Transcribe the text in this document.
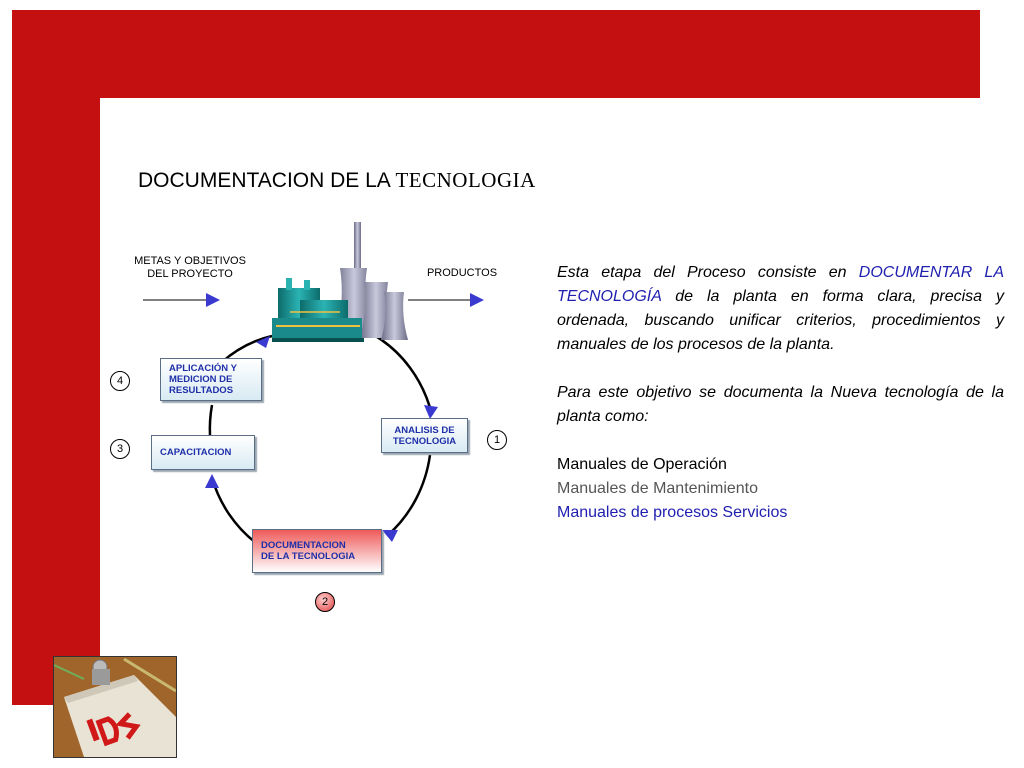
DOCUMENTACION DE LA TECNOLOGIA
METAS Y OBJETIVOS
DEL PROYECTO	PRODUCTOS
APLICACIÓN Y
MEDICION DE
RESULTADOS
CAPACITACION
ANALISIS DE
TECNOLOGIA
DOCUMENTACION
DE LA TECNOLOGIA
4
3
1
2
Esta etapa del Proceso consiste en DOCUMENTAR LA TECNOLOGÍA de la planta en forma clara, precisa y ordenada, buscando unificar criterios, procedimientos y manuales de los procesos de la planta.
Para este objetivo se documenta la Nueva tecnología de la planta como:
Manuales de Operación
Manuales de Mantenimiento
Manuales de procesos Servicios
